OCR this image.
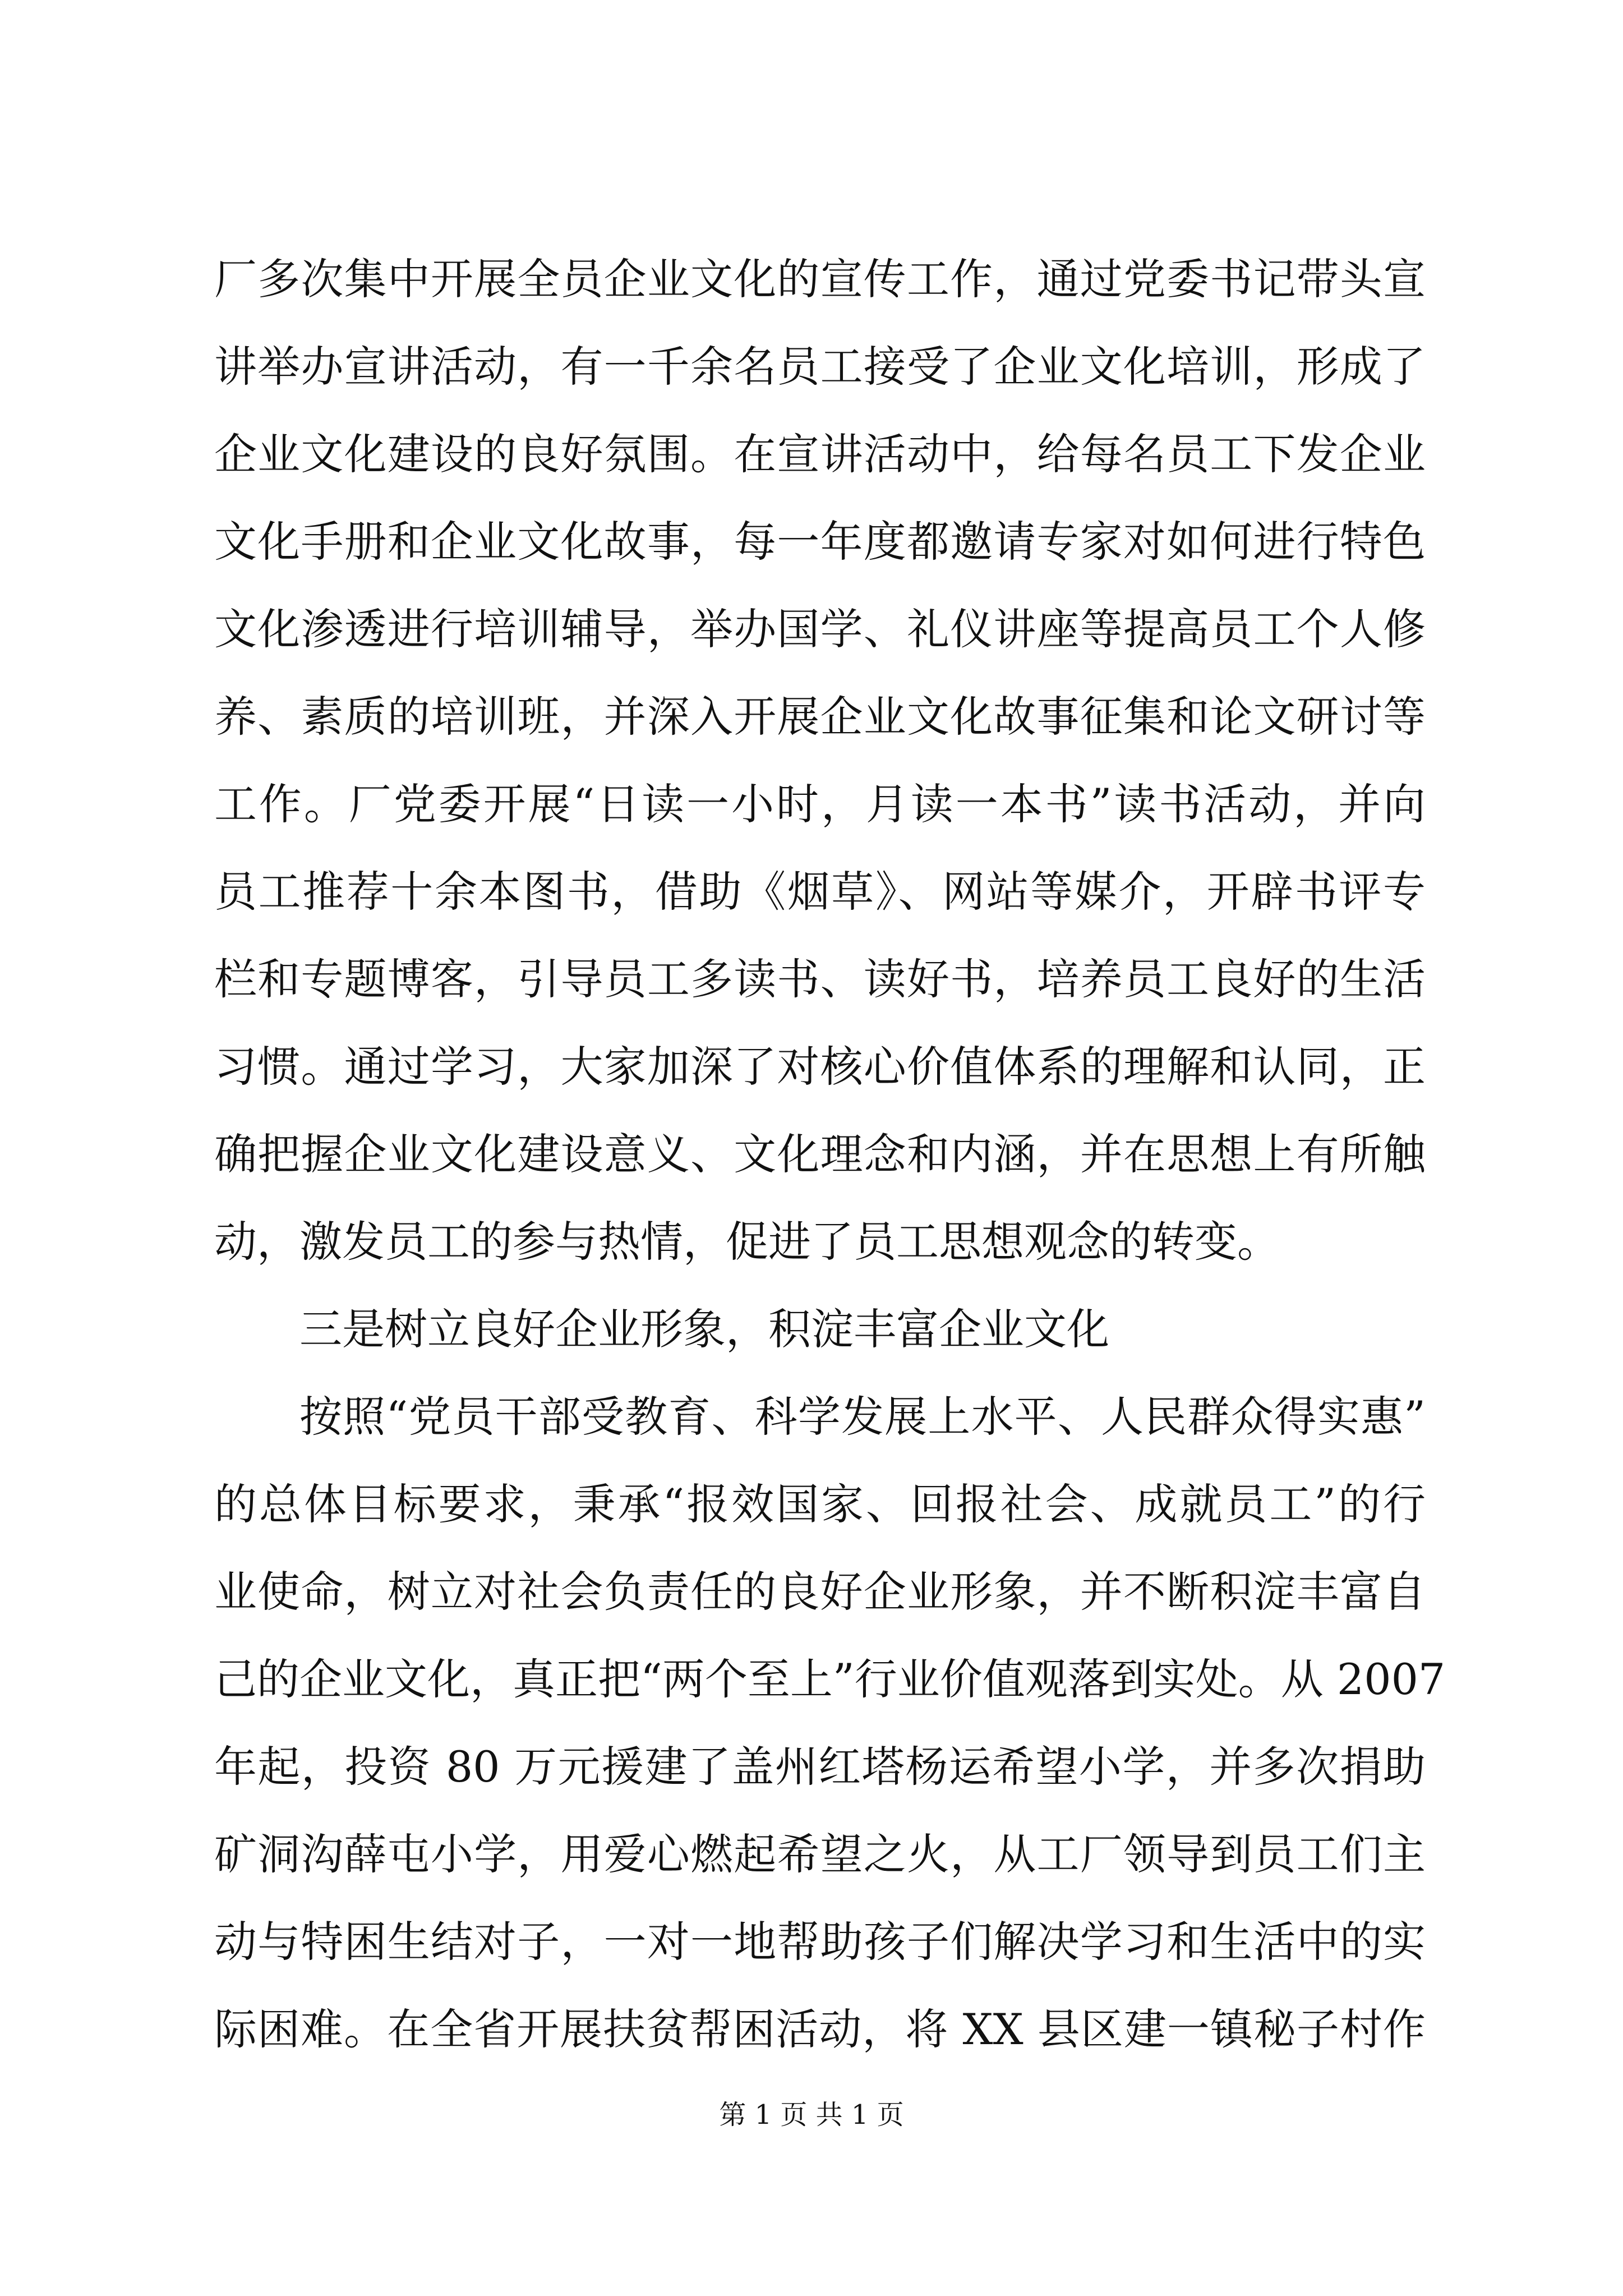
厂多次集中开展全员企业文化的宣传工作，通过党委书记带头宣
讲举办宣讲活动，有一千余名员工接受了企业文化培训，形成了
企业文化建设的良好氛围。在宣讲活动中，给每名员工下发企业
文化手册和企业文化故事，每一年度都邀请专家对如何进行特色
文化渗透进行培训辅导，举办国学、礼仪讲座等提高员工个人修
养、素质的培训班，并深入开展企业文化故事征集和论文研讨等
工作。厂党委开展“日读一小时，月读一本书”读书活动，并向
员工推荐十余本图书，借助《烟草》、网站等媒介，开辟书评专
栏和专题博客，引导员工多读书、读好书，培养员工良好的生活
习惯。通过学习，大家加深了对核心价值体系的理解和认同，正
确把握企业文化建设意义、文化理念和内涵，并在思想上有所触
动，激发员工的参与热情，促进了员工思想观念的转变。
三是树立良好企业形象，积淀丰富企业文化
按照“党员干部受教育、科学发展上水平、人民群众得实惠”
的总体目标要求，秉承“报效国家、回报社会、成就员工”的行
业使命，树立对社会负责任的良好企业形象，并不断积淀丰富自
己的企业文化，真正把“两个至上”行业价值观落到实处。从 2007
年起，投资 80 万元援建了盖州红塔杨运希望小学，并多次捐助
矿洞沟薛屯小学，用爱心燃起希望之火，从工厂领导到员工们主
动与特困生结对子，一对一地帮助孩子们解决学习和生活中的实
际困难。在全省开展扶贫帮困活动，将 XX 县区建一镇秘子村作
第 1 页 共 1 页
